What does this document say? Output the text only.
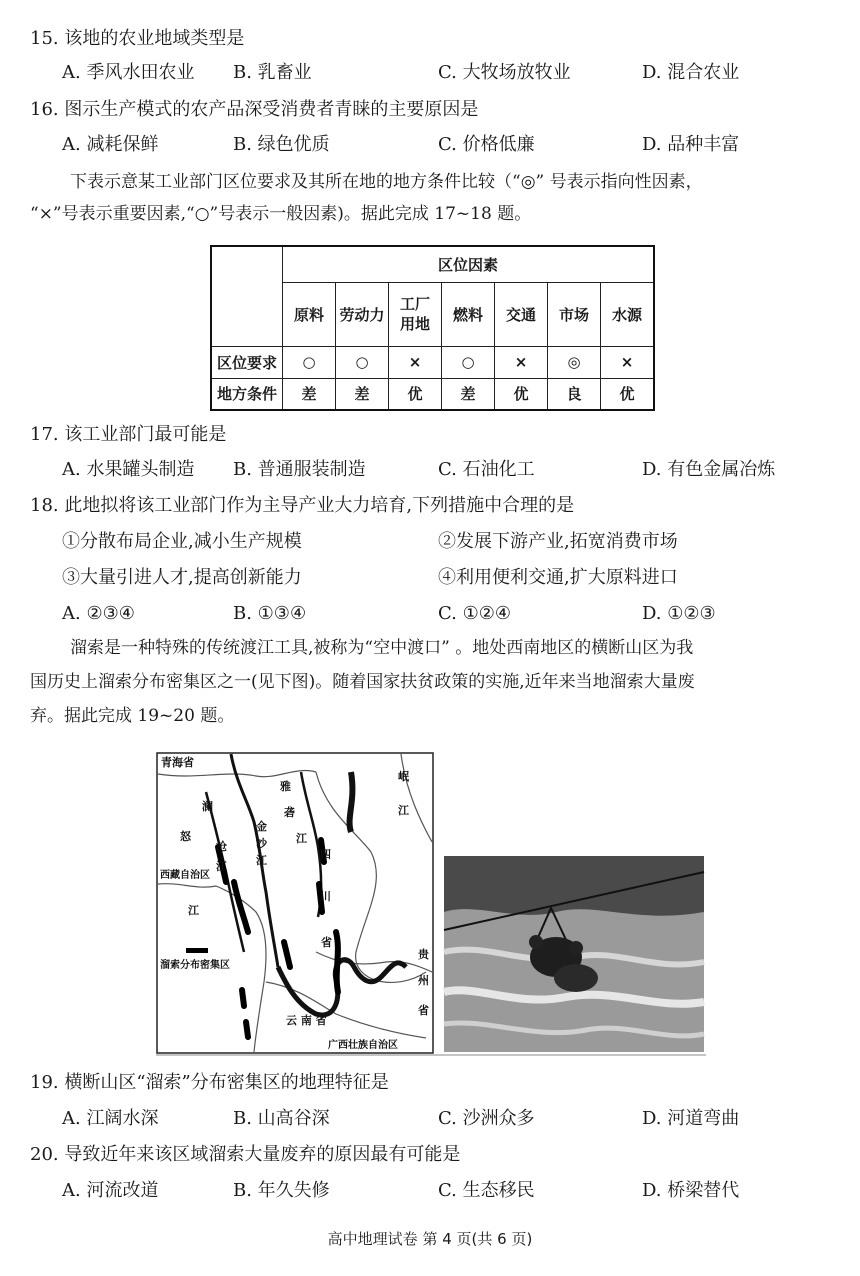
15. 该地的农业地域类型是
A. 季风水田农业 B. 乳畜业	C. 大牧场放牧业	D. 混合农业
16. 图示生产模式的农产品深受消费者青睐的主要原因是
A. 减耗保鲜	B. 绿色优质	C. 价格低廉	D. 品种丰富
下表示意某工业部门区位要求及其所在地的地方条件比较（“◎” 号表示指向性因素，
“×”号表示重要因素,“○”号表示一般因素)。据此完成 17~18 题。
	区位因素						
	原料	劳动力	工厂用地	燃料	交通	市场	水源
区位要求	○	○	×	○	×	◎	×
地方条件	差	差	优	差	优	良	优
17. 该工业部门最可能是
A. 水果罐头制造 B. 普通服装制造	C. 石油化工	D. 有色金属冶炼
18. 此地拟将该工业部门作为主导产业大力培育,下列措施中合理的是
①分散布局企业,减小生产规模	②发展下游产业,拓宽消费市场
③大量引进人才,提高创新能力	④利用便利交通,扩大原料进口
A. ②③④	B. ①③④	C. ①②④	D. ①②③
溜索是一种特殊的传统渡江工具,被称为“空中渡口” 。地处西南地区的横断山区为我
国历史上溜索分布密集区之一(见下图)。随着国家扶贫政策的实施,近年来当地溜索大量废
弃。据此完成 19~20 题。
青海省
澜
沧
江
怒
江
金
沙
江
雅
砻
江
岷
江
四
川
省
西藏自治区
云 南 省
贵
州
省
广西壮族自治区
溜索分布密集区
19. 横断山区“溜索”分布密集区的地理特征是
A. 江阔水深	B. 山高谷深	C. 沙洲众多	D. 河道弯曲
20. 导致近年来该区域溜索大量废弃的原因最有可能是
A. 河流改道	B. 年久失修	C. 生态移民	D. 桥梁替代
高中地理试卷 第 4 页(共 6 页)
